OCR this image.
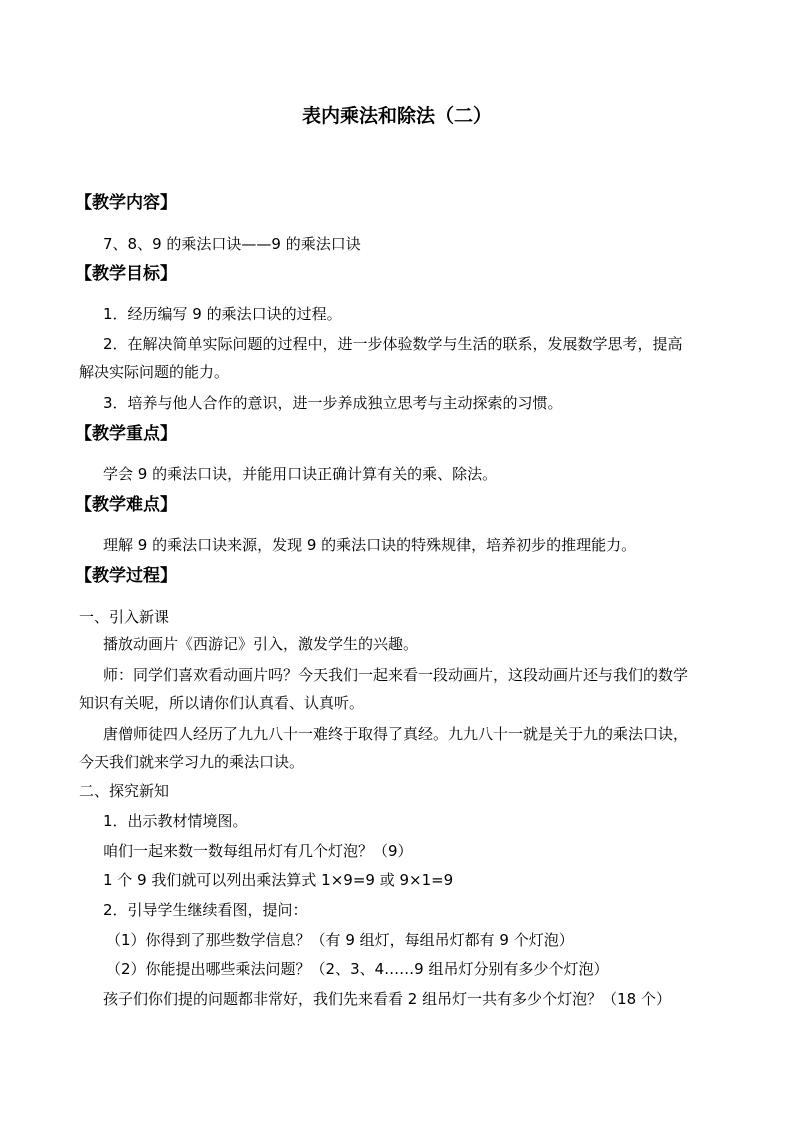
表内乘法和除法（二）
【教学内容】
7、8、9 的乘法口诀——9 的乘法口诀
【教学目标】
1．经历编写 9 的乘法口诀的过程。
2．在解决简单实际问题的过程中，进一步体验数学与生活的联系，发展数学思考，提高
解决实际问题的能力。
3．培养与他人合作的意识，进一步养成独立思考与主动探索的习惯。
【教学重点】
学会 9 的乘法口诀，并能用口诀正确计算有关的乘、除法。
【教学难点】
理解 9 的乘法口诀来源，发现 9 的乘法口诀的特殊规律，培养初步的推理能力。
【教学过程】
一、引入新课
播放动画片《西游记》引入，激发学生的兴趣。
师：同学们喜欢看动画片吗？今天我们一起来看一段动画片，这段动画片还与我们的数学
知识有关呢，所以请你们认真看、认真听。
唐僧师徒四人经历了九九八十一难终于取得了真经。九九八十一就是关于九的乘法口诀，
今天我们就来学习九的乘法口诀。
二、探究新知
1．出示教材情境图。
咱们一起来数一数每组吊灯有几个灯泡？（9）
1 个 9 我们就可以列出乘法算式 1×9=9 或 9×1=9
2．引导学生继续看图，提问：
（1）你得到了那些数学信息？（有 9 组灯，每组吊灯都有 9 个灯泡）
（2）你能提出哪些乘法问题？（2、3、4……9 组吊灯分别有多少个灯泡）
孩子们你们提的问题都非常好，我们先来看看 2 组吊灯一共有多少个灯泡？（18 个）
